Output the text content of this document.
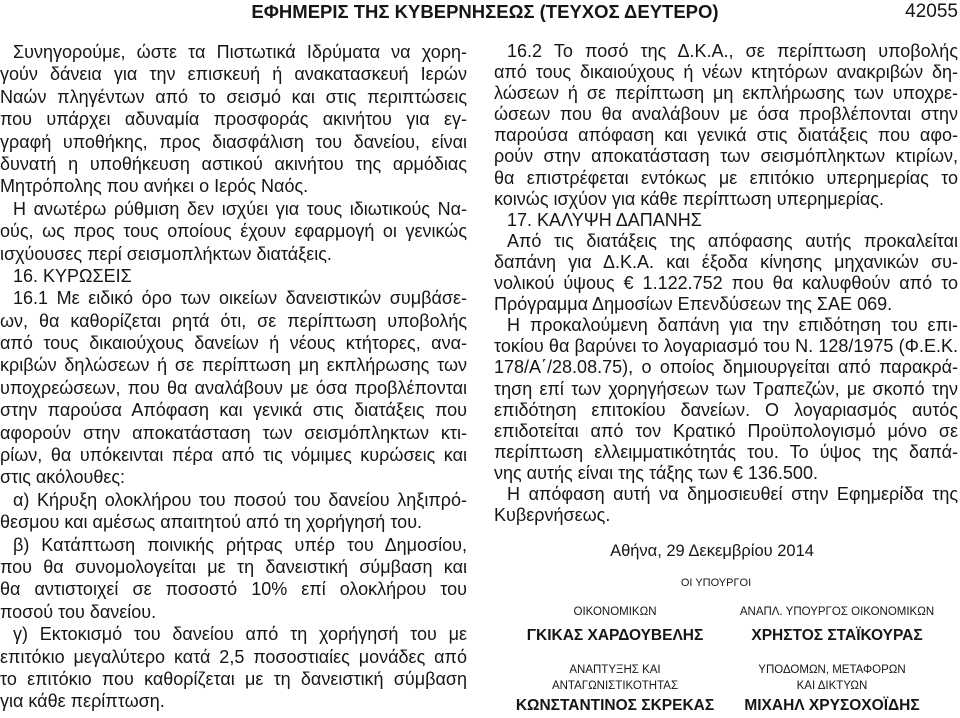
ΕΦΗΜΕΡΙΣ ΤΗΣ ΚΥΒΕΡΝΗΣΕΩΣ (ΤΕΥΧΟΣ ΔΕΥΤΕΡΟ)	42055
Συνηγορούμε, ώστε τα Πιστωτικά Ιδρύματα να χορη-
γούν δάνεια για την επισκευή ή ανακατασκευή Ιερών
Ναών πληγέντων από το σεισμό και στις περιπτώσεις
που υπάρχει αδυναμία προσφοράς ακινήτου για εγ-
γραφή υποθήκης, προς διασφάλιση του δανείου, είναι
δυνατή η υποθήκευση αστικού ακινήτου της αρμόδιας
Μητρόπολης που ανήκει ο Ιερός Ναός.
Η ανωτέρω ρύθμιση δεν ισχύει για τους ιδιωτικούς Να-
ούς, ως προς τους οποίους έχουν εφαρμογή οι γενικώς
ισχύουσες περί σεισμοπλήκτων διατάξεις.
16. ΚΥΡΩΣΕΙΣ
16.1 Με ειδικό όρο των οικείων δανειστικών συμβάσε-
ων, θα καθορίζεται ρητά ότι, σε περίπτωση υποβολής
από τους δικαιούχους δανείων ή νέους κτήτορες, ανα-
κριβών δηλώσεων ή σε περίπτωση μη εκπλήρωσης των
υποχρεώσεων, που θα αναλάβουν με όσα προβλέπονται
στην παρούσα Απόφαση και γενικά στις διατάξεις που
αφορούν στην αποκατάσταση των σεισμόπληκτων κτι-
ρίων, θα υπόκεινται πέρα από τις νόμιμες κυρώσεις και
στις ακόλουθες:
α) Κήρυξη ολοκλήρου του ποσού του δανείου ληξιπρό-
θεσμου και αμέσως απαιτητού από τη χορήγησή του.
β) Κατάπτωση ποινικής ρήτρας υπέρ του Δημοσίου,
που θα συνομολογείται με τη δανειστική σύμβαση και
θα αντιστοιχεί σε ποσοστό 10% επί ολοκλήρου του
ποσού του δανείου.
γ) Εκτοκισμό του δανείου από τη χορήγησή του με
επιτόκιο μεγαλύτερο κατά 2,5 ποσοστιαίες μονάδες από
το επιτόκιο που καθορίζεται με τη δανειστική σύμβαση
για κάθε περίπτωση.
16.2 Το ποσό της Δ.Κ.Α., σε περίπτωση υποβολής
από τους δικαιούχους ή νέων κτητόρων ανακριβών δη-
λώσεων ή σε περίπτωση μη εκπλήρωσης των υποχρε-
ώσεων που θα αναλάβουν με όσα προβλέπονται στην
παρούσα απόφαση και γενικά στις διατάξεις που αφο-
ρούν στην αποκατάσταση των σεισμόπληκτων κτιρίων,
θα επιστρέφεται εντόκως με επιτόκιο υπερημερίας το
κοινώς ισχύον για κάθε περίπτωση υπερημερίας.
17. ΚΑΛΥΨΗ ΔΑΠΑΝΗΣ
Από τις διατάξεις της απόφασης αυτής προκαλείται
δαπάνη για Δ.Κ.Α. και έξοδα κίνησης μηχανικών συ-
νολικού ύψους € 1.122.752 που θα καλυφθούν από το
Πρόγραμμα Δημοσίων Επενδύσεων της ΣΑΕ 069.
Η προκαλούμενη δαπάνη για την επιδότηση του επι-
τοκίου θα βαρύνει το λογαριασμό του Ν. 128/1975 (Φ.Ε.Κ.
178/Α΄/28.08.75), ο οποίος δημιουργείται από παρακρά-
τηση επί των χορηγήσεων των Τραπεζών, με σκοπό την
επιδότηση επιτοκίου δανείων. Ο λογαριασμός αυτός
επιδοτείται από τον Κρατικό Προϋπολογισμό μόνο σε
περίπτωση ελλειμματικότητάς του. Το ύψος της δαπά-
νης αυτής είναι της τάξης των € 136.500.
Η απόφαση αυτή να δημοσιευθεί στην Εφημερίδα της
Κυβερνήσεως.
Αθήνα, 29 Δεκεμβρίου 2014
ΟΙ ΥΠΟΥΡΓΟΙ
ΟΙΚΟΝΟΜΙΚΩΝ
ΓΚΙΚΑΣ ΧΑΡΔΟΥΒΕΛΗΣ
ΑΝΑΠΛ. ΥΠΟΥΡΓΟΣ ΟΙΚΟΝΟΜΙΚΩΝ
ΧΡΗΣΤΟΣ ΣΤΑΪΚΟΥΡΑΣ
ΑΝΑΠΤΥΞΗΣ ΚΑΙ
ΑΝΤΑΓΩΝΙΣΤΙΚΟΤΗΤΑΣ
ΚΩΝΣΤΑΝΤΙΝΟΣ ΣΚΡΕΚΑΣ
ΥΠΟΔΟΜΩΝ, ΜΕΤΑΦΟΡΩΝ
ΚΑΙ ΔΙΚΤΥΩΝ
ΜΙΧΑΗΛ ΧΡΥΣΟΧΟΪΔΗΣ
